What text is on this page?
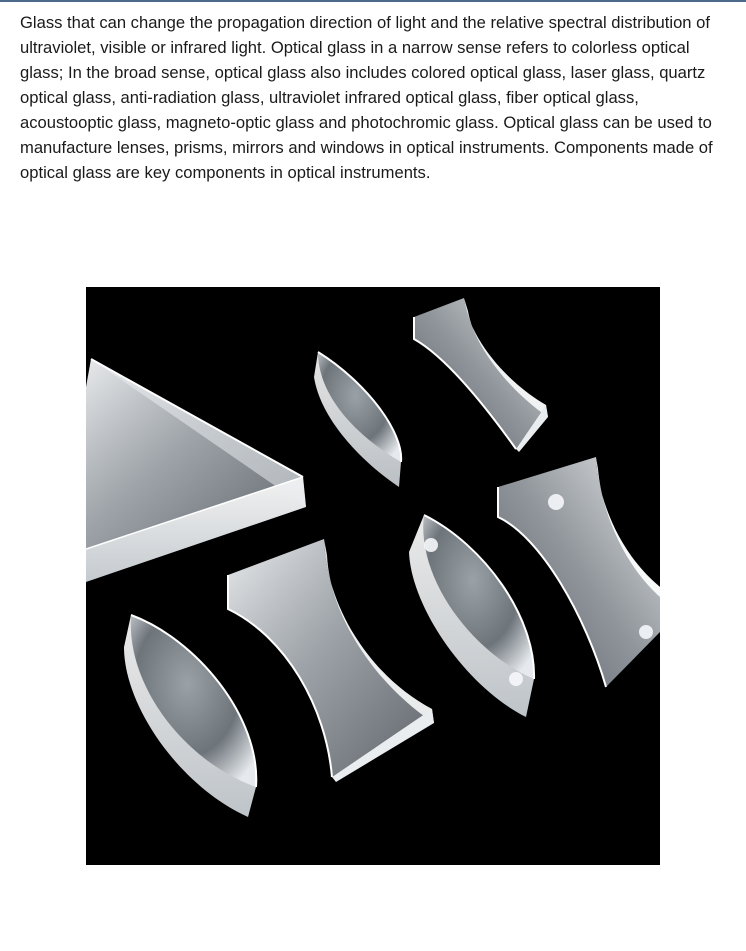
Glass that can change the propagation direction of light and the relative spectral distribution of ultraviolet, visible or infrared light. Optical glass in a narrow sense refers to colorless optical glass; In the broad sense, optical glass also includes colored optical glass, laser glass, quartz optical glass, anti-radiation glass, ultraviolet infrared optical glass, fiber optical glass, acoustooptic glass, magneto-optic glass and photochromic glass. Optical glass can be used to manufacture lenses, prisms, mirrors and windows in optical instruments. Components made of optical glass are key components in optical instruments.
